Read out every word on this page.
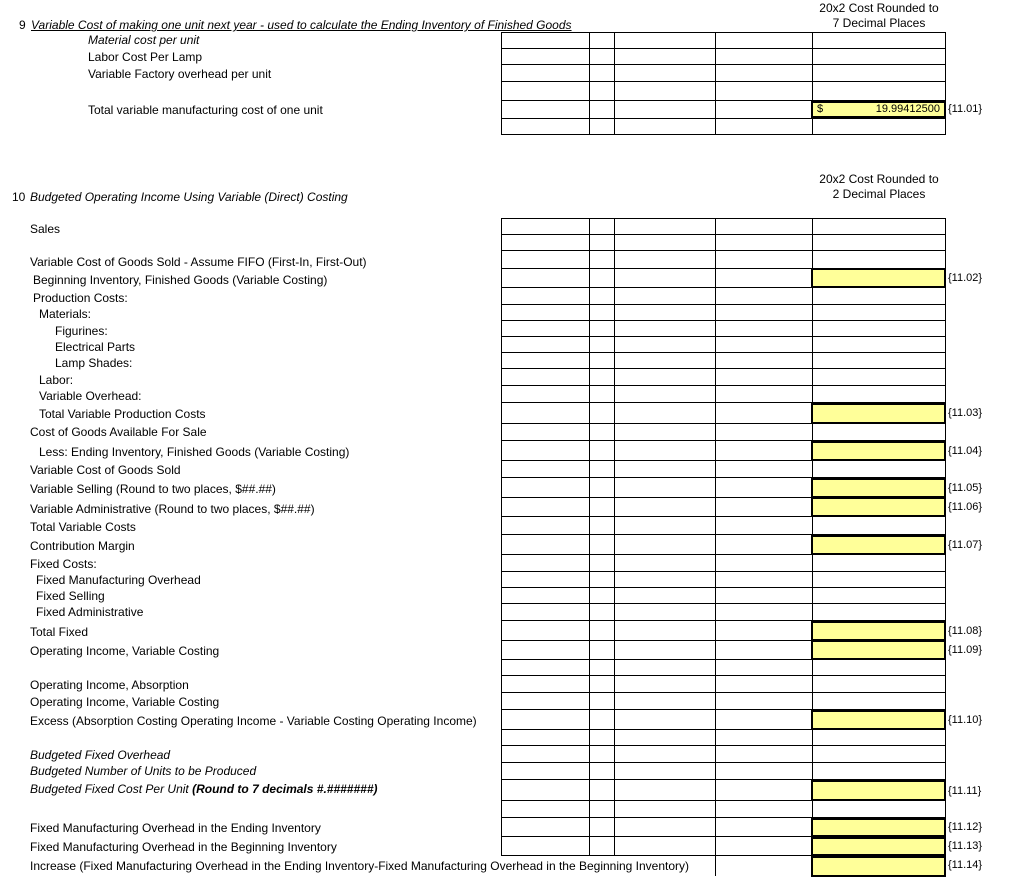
9 Variable Cost of making one unit next year - used to calculate the Ending Inventory of Finished Goods
20x2 Cost Rounded to
7 Decimal Places
Material cost per unit
Labor Cost Per Lamp
Variable Factory overhead per unit
Total variable manufacturing cost of one unit	$	19.99412500 {11.01}
20x2 Cost Rounded to
2 Decimal Places
10 Budgeted Operating Income Using Variable (Direct) Costing
Sales
Variable Cost of Goods Sold - Assume FIFO (First-In, First-Out)
Beginning Inventory, Finished Goods (Variable Costing)
Production Costs:
Materials:
Figurines:
Electrical Parts
Lamp Shades:
Labor:
Variable Overhead:
Total Variable Production Costs
Cost of Goods Available For Sale
Less: Ending Inventory, Finished Goods (Variable Costing)
Variable Cost of Goods Sold
Variable Selling (Round to two places, $##.##)
Variable Administrative (Round to two places, $##.##)
Total Variable Costs
Contribution Margin
Fixed Costs:
Fixed Manufacturing Overhead
Fixed Selling
Fixed Administrative
Total Fixed
Operating Income, Variable Costing
Operating Income, Absorption
Operating Income, Variable Costing
Excess (Absorption Costing Operating Income - Variable Costing Operating Income)
Budgeted Fixed Overhead
Budgeted Number of Units to be Produced
Budgeted Fixed Cost Per Unit (Round to 7 decimals #.#######)
Fixed Manufacturing Overhead in the Ending Inventory
Fixed Manufacturing Overhead in the Beginning Inventory
Increase (Fixed Manufacturing Overhead in the Ending Inventory-Fixed Manufacturing Overhead in the Beginning Inventory)
{11.02}
{11.03}
{11.04}
{11.05}
{11.06}
{11.07}
{11.08}
{11.09}
{11.10}
{11.11}
{11.12}
{11.13}
{11.14}
